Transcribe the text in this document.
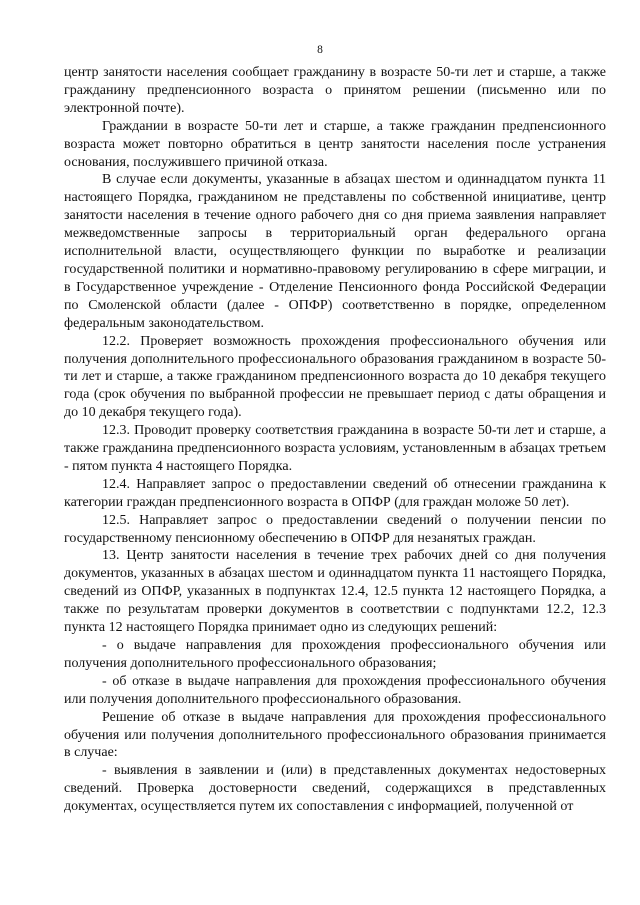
8

центр занятости населения сообщает гражданину в возрасте 50-ти лет и старше, а также гражданину предпенсионного возраста о принятом решении (письменно или по электронной почте).

Граждании в возрасте 50-ти лет и старше, а также гражданин предпенсионного возраста может повторно обратиться в центр занятости населения после устранения основания, послужившего причиной отказа.

В случае если документы, указанные в абзацах шестом и одиннадцатом пункта 11 настоящего Порядка, гражданином не представлены по собственной инициативе, центр занятости населения в течение одного рабочего дня со дня приема заявления направляет межведомственные запросы в территориальный орган федерального органа исполнительной власти, осуществляющего функции по выработке и реализации государственной политики и нормативно-правовому регулированию в сфере миграции, и в Государственное учреждение - Отделение Пенсионного фонда Российской Федерации по Смоленской области (далее - ОПФР) соответственно в порядке, определенном федеральным законодательством.

12.2. Проверяет возможность прохождения профессионального обучения или получения дополнительного профессионального образования гражданином в возрасте 50-ти лет и старше, а также гражданином предпенсионного возраста до 10 декабря текущего года (срок обучения по выбранной профессии не превышает период с даты обращения и до 10 декабря текущего года).

12.3. Проводит проверку соответствия гражданина в возрасте 50-ти лет и старше, а также гражданина предпенсионного возраста условиям, установленным в абзацах третьем - пятом пункта 4 настоящего Порядка.

12.4. Направляет запрос о предоставлении сведений об отнесении гражданина к категории граждан предпенсионного возраста в ОПФР (для граждан моложе 50 лет).

12.5. Направляет запрос о предоставлении сведений о получении пенсии по государственному пенсионному обеспечению в ОПФР для незанятых граждан.

13. Центр занятости населения в течение трех рабочих дней со дня получения документов, указанных в абзацах шестом и одиннадцатом пункта 11 настоящего Порядка, сведений из ОПФР, указанных в подпунктах 12.4, 12.5 пункта 12 настоящего Порядка, а также по результатам проверки документов в соответствии с подпунктами 12.2, 12.3 пункта 12 настоящего Порядка принимает одно из следующих решений:

- о выдаче направления для прохождения профессионального обучения или получения дополнительного профессионального образования;

- об отказе в выдаче направления для прохождения профессионального обучения или получения дополнительного профессионального образования.

Решение об отказе в выдаче направления для прохождения профессионального обучения или получения дополнительного профессионального образования принимается в случае:

- выявления в заявлении и (или) в представленных документах недостоверных сведений. Проверка достоверности сведений, содержащихся в представленных документах, осуществляется путем их сопоставления с информацией, полученной от
